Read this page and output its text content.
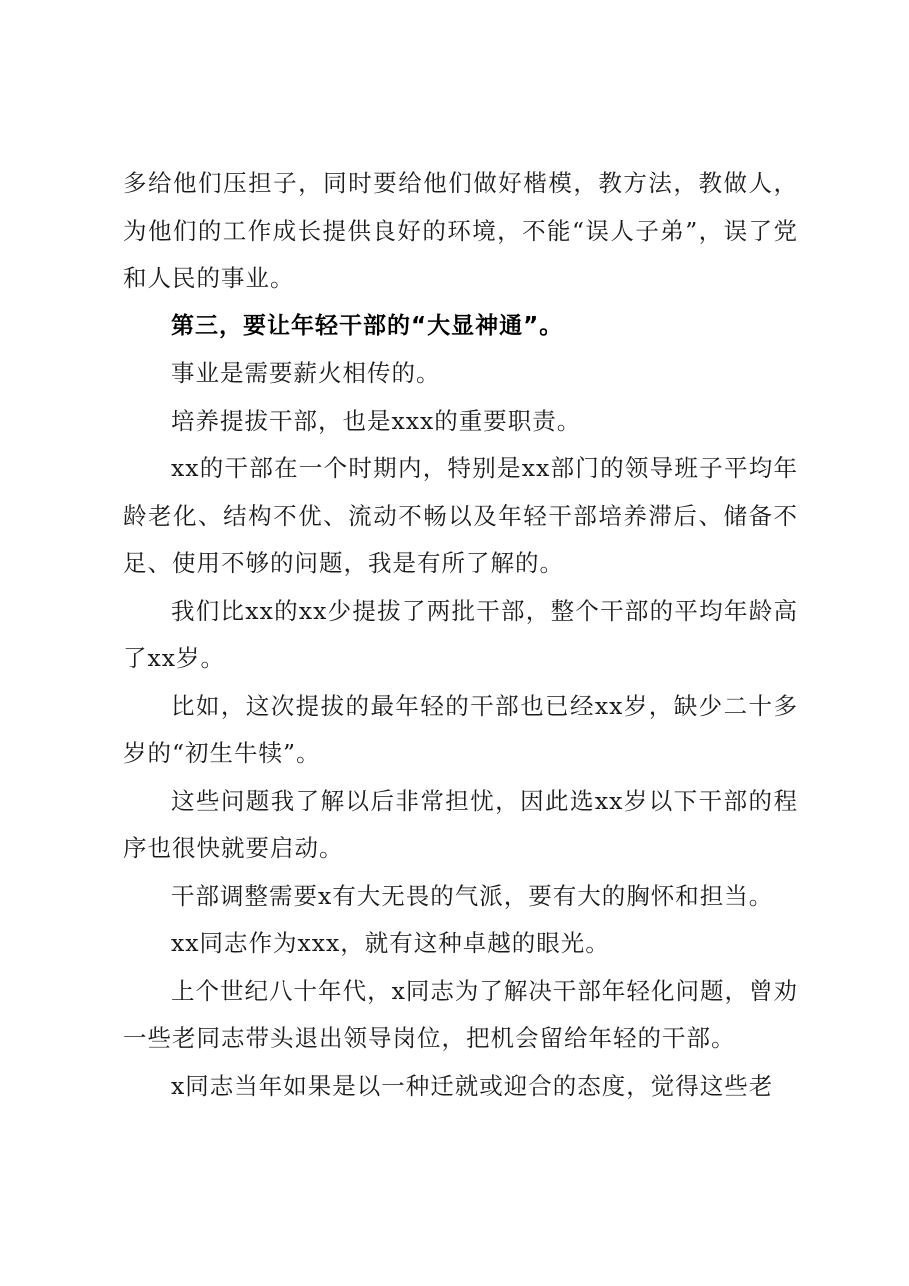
多给他们压担子，同时要给他们做好楷模，教方法，教做人，为他们的工作成长提供良好的环境，不能“误人子弟”，误了党和人民的事业。

第三，要让年轻干部的“大显神通”。

事业是需要薪火相传的。

培养提拔干部，也是xxx的重要职责。

xx的干部在一个时期内，特别是xx部门的领导班子平均年龄老化、结构不优、流动不畅以及年轻干部培养滞后、储备不足、使用不够的问题，我是有所了解的。

我们比xx的xx少提拔了两批干部，整个干部的平均年龄高了xx岁。

比如，这次提拔的最年轻的干部也已经xx岁，缺少二十多岁的“初生牛犊”。

这些问题我了解以后非常担忧，因此选xx岁以下干部的程序也很快就要启动。

干部调整需要x有大无畏的气派，要有大的胸怀和担当。

xx同志作为xxx，就有这种卓越的眼光。

上个世纪八十年代，x同志为了解决干部年轻化问题，曾劝一些老同志带头退出领导岗位，把机会留给年轻的干部。

x同志当年如果是以一种迁就或迎合的态度，觉得这些老
